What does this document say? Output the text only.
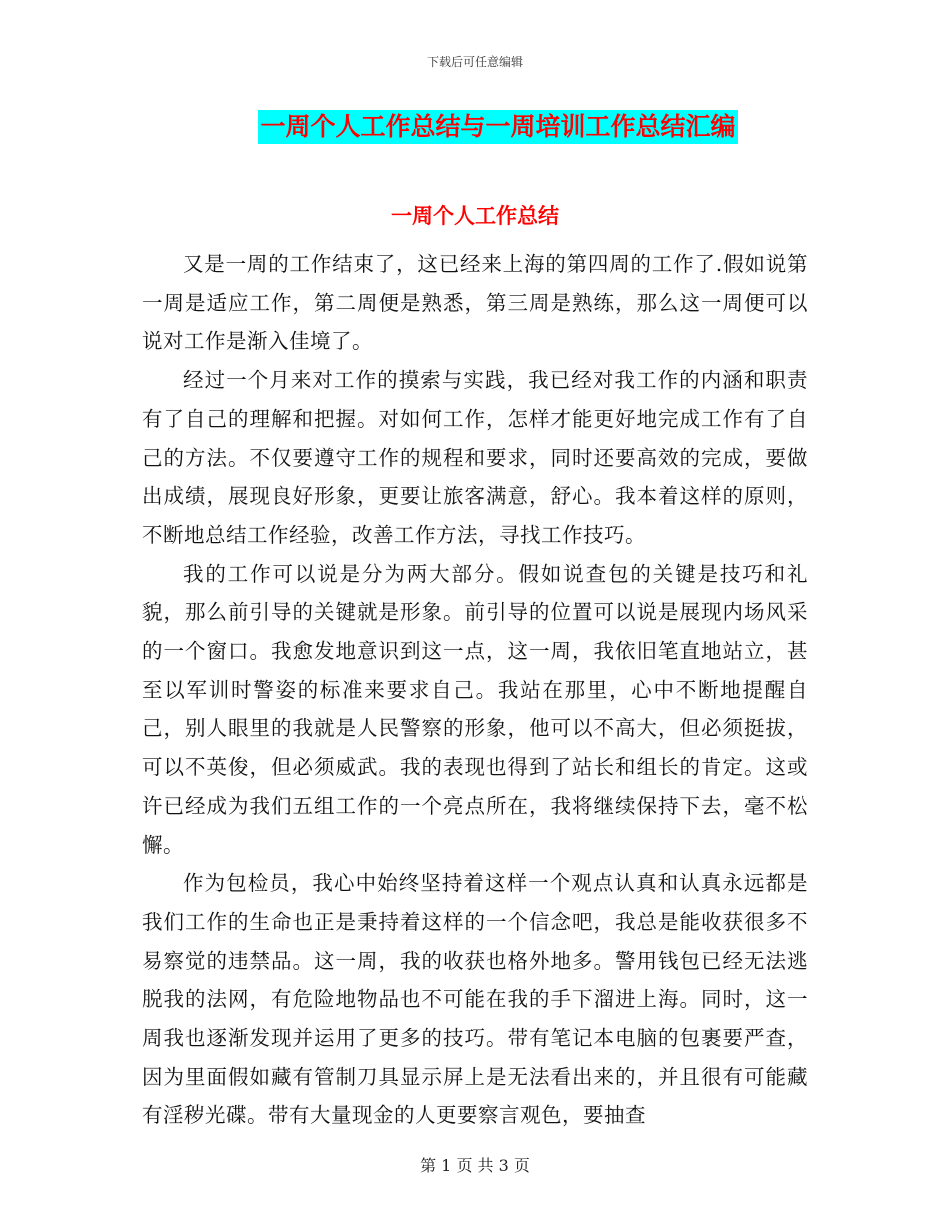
下载后可任意编辑
一周个人工作总结与一周培训工作总结汇编
一周个人工作总结

又是一周的工作结束了，这已经来上海的第四周的工作了.假如说第一周是适应工作，第二周便是熟悉，第三周是熟练，那么这一周便可以说对工作是渐入佳境了。

经过一个月来对工作的摸索与实践，我已经对我工作的内涵和职责有了自己的理解和把握。对如何工作，怎样才能更好地完成工作有了自己的方法。不仅要遵守工作的规程和要求，同时还要高效的完成，要做出成绩，展现良好形象，更要让旅客满意，舒心。我本着这样的原则，不断地总结工作经验，改善工作方法，寻找工作技巧。

我的工作可以说是分为两大部分。假如说查包的关键是技巧和礼貌，那么前引导的关键就是形象。前引导的位置可以说是展现内场风采的一个窗口。我愈发地意识到这一点，这一周，我依旧笔直地站立，甚至以军训时警姿的标准来要求自己。我站在那里，心中不断地提醒自己，别人眼里的我就是人民警察的形象，他可以不高大，但必须挺拔，可以不英俊，但必须威武。我的表现也得到了站长和组长的肯定。这或许已经成为我们五组工作的一个亮点所在，我将继续保持下去，毫不松懈。

作为包检员，我心中始终坚持着这样一个观点认真和认真永远都是我们工作的生命也正是秉持着这样的一个信念吧，我总是能收获很多不易察觉的违禁品。这一周，我的收获也格外地多。警用钱包已经无法逃脱我的法网，有危险地物品也不可能在我的手下溜进上海。同时，这一周我也逐渐发现并运用了更多的技巧。带有笔记本电脑的包裹要严查，因为里面假如藏有管制刀具显示屏上是无法看出来的，并且很有可能藏有淫秽光碟。带有大量现金的人更要察言观色，要抽查

第 1 页 共 3 页
